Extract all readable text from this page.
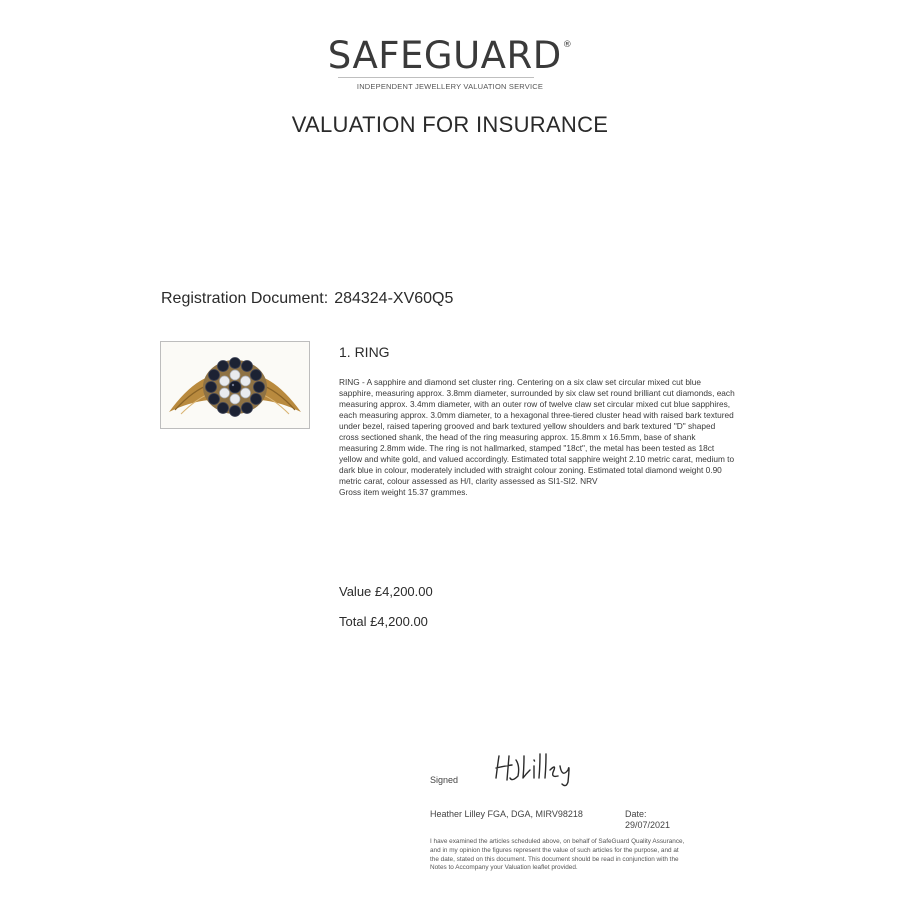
SAFEGUARD®
INDEPENDENT JEWELLERY VALUATION SERVICE
VALUATION FOR INSURANCE
Registration Document: 284324-XV60Q5
1. RING

RING - A sapphire and diamond set cluster ring. Centering on a six claw set circular mixed cut blue sapphire, measuring approx. 3.8mm diameter, surrounded by six claw set round brilliant cut diamonds, each measuring approx. 3.4mm diameter, with an outer row of twelve claw set circular mixed cut blue sapphires, each measuring approx. 3.0mm diameter, to a hexagonal three-tiered cluster head with raised bark textured under bezel, raised tapering grooved and bark textured yellow shoulders and bark textured "D" shaped cross sectioned shank, the head of the ring measuring approx. 15.8mm x 16.5mm, base of shank measuring 2.8mm wide. The ring is not hallmarked, stamped "18ct", the metal has been tested as 18ct yellow and white gold, and valued accordingly. Estimated total sapphire weight 2.10 metric carat, medium to dark blue in colour, moderately included with straight colour zoning. Estimated total diamond weight 0.90 metric carat, colour assessed as H/I, clarity assessed as SI1-SI2. NRV

Gross item weight 15.37 grammes.

Value £4,200.00
Total £4,200.00
Signed
Heather Lilley FGA, DGA, MIRV98218	Date:
29/07/2021
I have examined the articles scheduled above, on behalf of SafeGuard Quality Assurance, and in my opinion the figures represent the value of such articles for the purpose, and at the date, stated on this document. This document should be read in conjunction with the Notes to Accompany your Valuation leaflet provided.
